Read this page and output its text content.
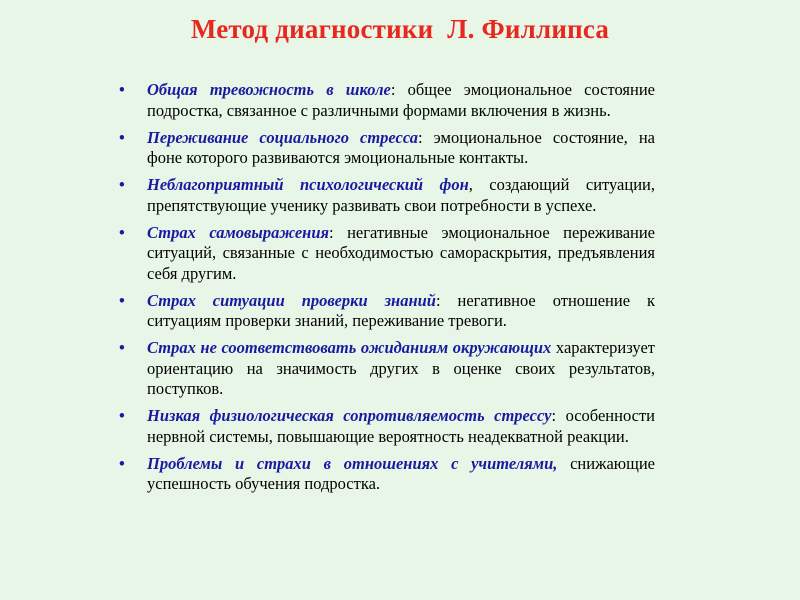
Метод диагностики  Л. Филлипса
• Общая тревожность в школе: общее эмоциональное состояние подростка, связанное с различными формами включения в жизнь.
• Переживание социального стресса: эмоциональное состояние, на фоне которого развиваются эмоциональные контакты.
• Неблагоприятный психологический фон, создающий ситуации, препятствующие ученику развивать свои потребности в успехе.
• Страх самовыражения: негативные эмоциональное переживание ситуаций, связанные с необходимостью самораскрытия, предъявления себя другим.
• Страх ситуации проверки знаний: негативное отношение к ситуациям проверки знаний, переживание тревоги.
• Страх не соответствовать ожиданиям окружающих характеризует ориентацию на значимость других в оценке своих результатов, поступков.
• Низкая физиологическая сопротивляемость стрессу: особенности нервной системы, повышающие вероятность неадекватной реакции.
• Проблемы и страхи в отношениях с учителями, снижающие успешность обучения подростка.
